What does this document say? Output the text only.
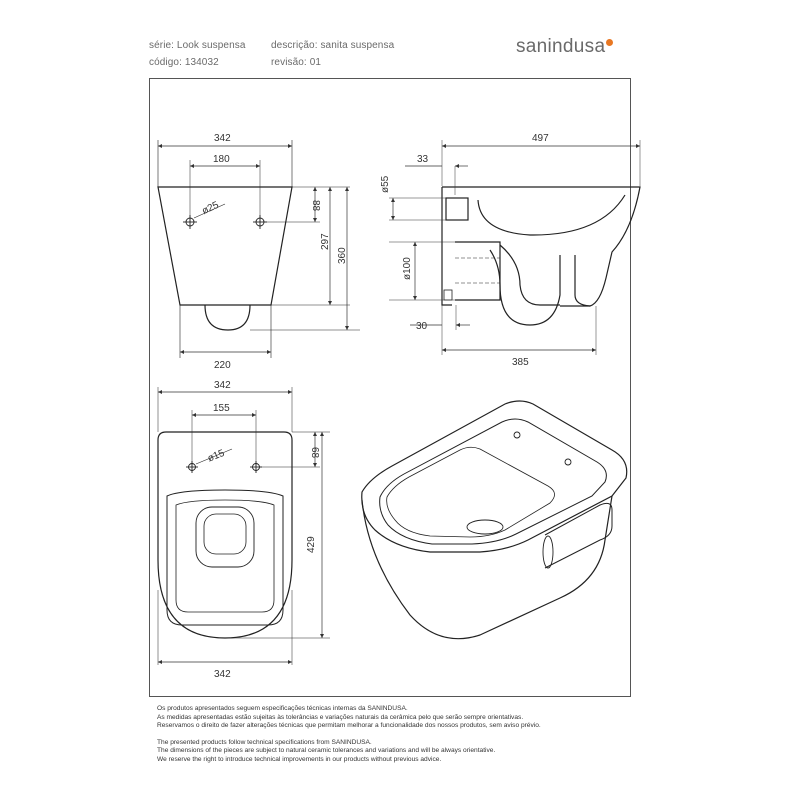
série: Look suspensa
código: 134032
descrição: sanita suspensa
revisão: 01
sanindusa
342
180
ø25	88
297
360
220
497
33
ø55
ø100
30
385
342
155
ø15	68
429
342

Os produtos apresentados seguem especificações técnicas internas da SANINDUSA.

As medidas apresentadas estão sujeitas às tolerâncias e variações naturais da cerâmica pelo que serão sempre orientativas.

Reservamos o direito de fazer alterações técnicas que permitam melhorar a funcionalidade dos nossos produtos, sem aviso prévio.

The presented products follow technical specifications from SANINDUSA.

The dimensions of the pieces are subject to natural ceramic tolerances and variations and will be always orientative.

We reserve the right to introduce technical improvements in our products without previous advice.
